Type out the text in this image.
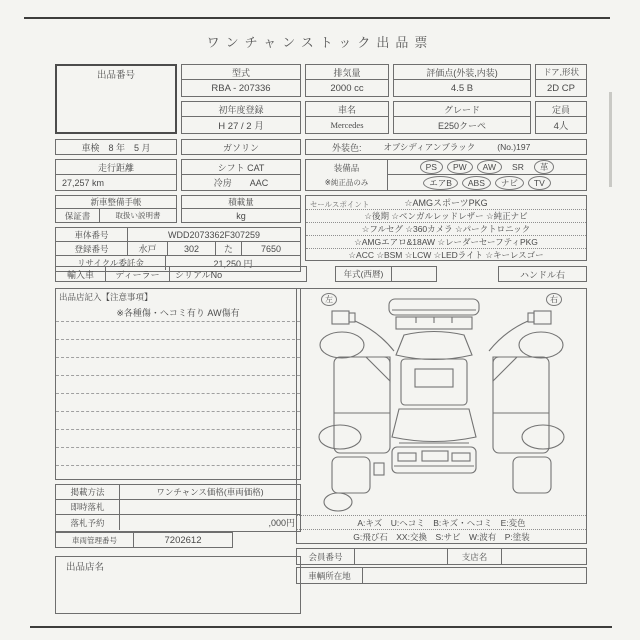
ワンチャンストック出品票
出品番号	型式
RBA - 207336
初年度登録
H 27 / 2 月
排気量
2000 cc
車名
Mercedes
評価点(外装,内装)
4.5 B
グレード
E250クーペ
ドア,形状
2D CP
定員
4人
車検　8 年　5 月	ガソリン	外装色:	オブシディアンブラック	(No.)197
走行距離
27,257 km
シフト CAT
冷房　　AAC
装備品
※純正品のみ
PS	PW	AW	SR	革
エアB	ABS	ナビ	TV
新車整備手帳
保証書	取扱い説明書
積載量
kg
セールスポイント	☆AMGスポーツPKG
☆後期 ☆ベンガルレッドレザー ☆純正ナビ
☆フルセグ ☆360カメラ ☆パークトロニック
☆AMGエアロ&18AW ☆レーダーセーフティPKG
☆ACC ☆BSM ☆LCW ☆LEDライト ☆キーレスゴー
車体番号	WDD2073362F307259
登録番号	水戸	302	た	7650
リサイクル委託金	21,250 円
輸入車	ディーラー	シリアルNo	年式(西暦)	ハンドル右
出品店記入【注意事項】
※各種傷・ヘコミ有り AW傷有
掲載方法	ワンチャンス価格(車両価格)
即時落札
落札予約	,000円
車両管理番号	7202612
出品店名
左	右
A:キズ　U:ヘコミ　B:キズ・ヘコミ　E:変色
G:飛び石　XX:交換　S:サビ　W:波有　P:塗装
会員番号	支店名
車輌所在地
